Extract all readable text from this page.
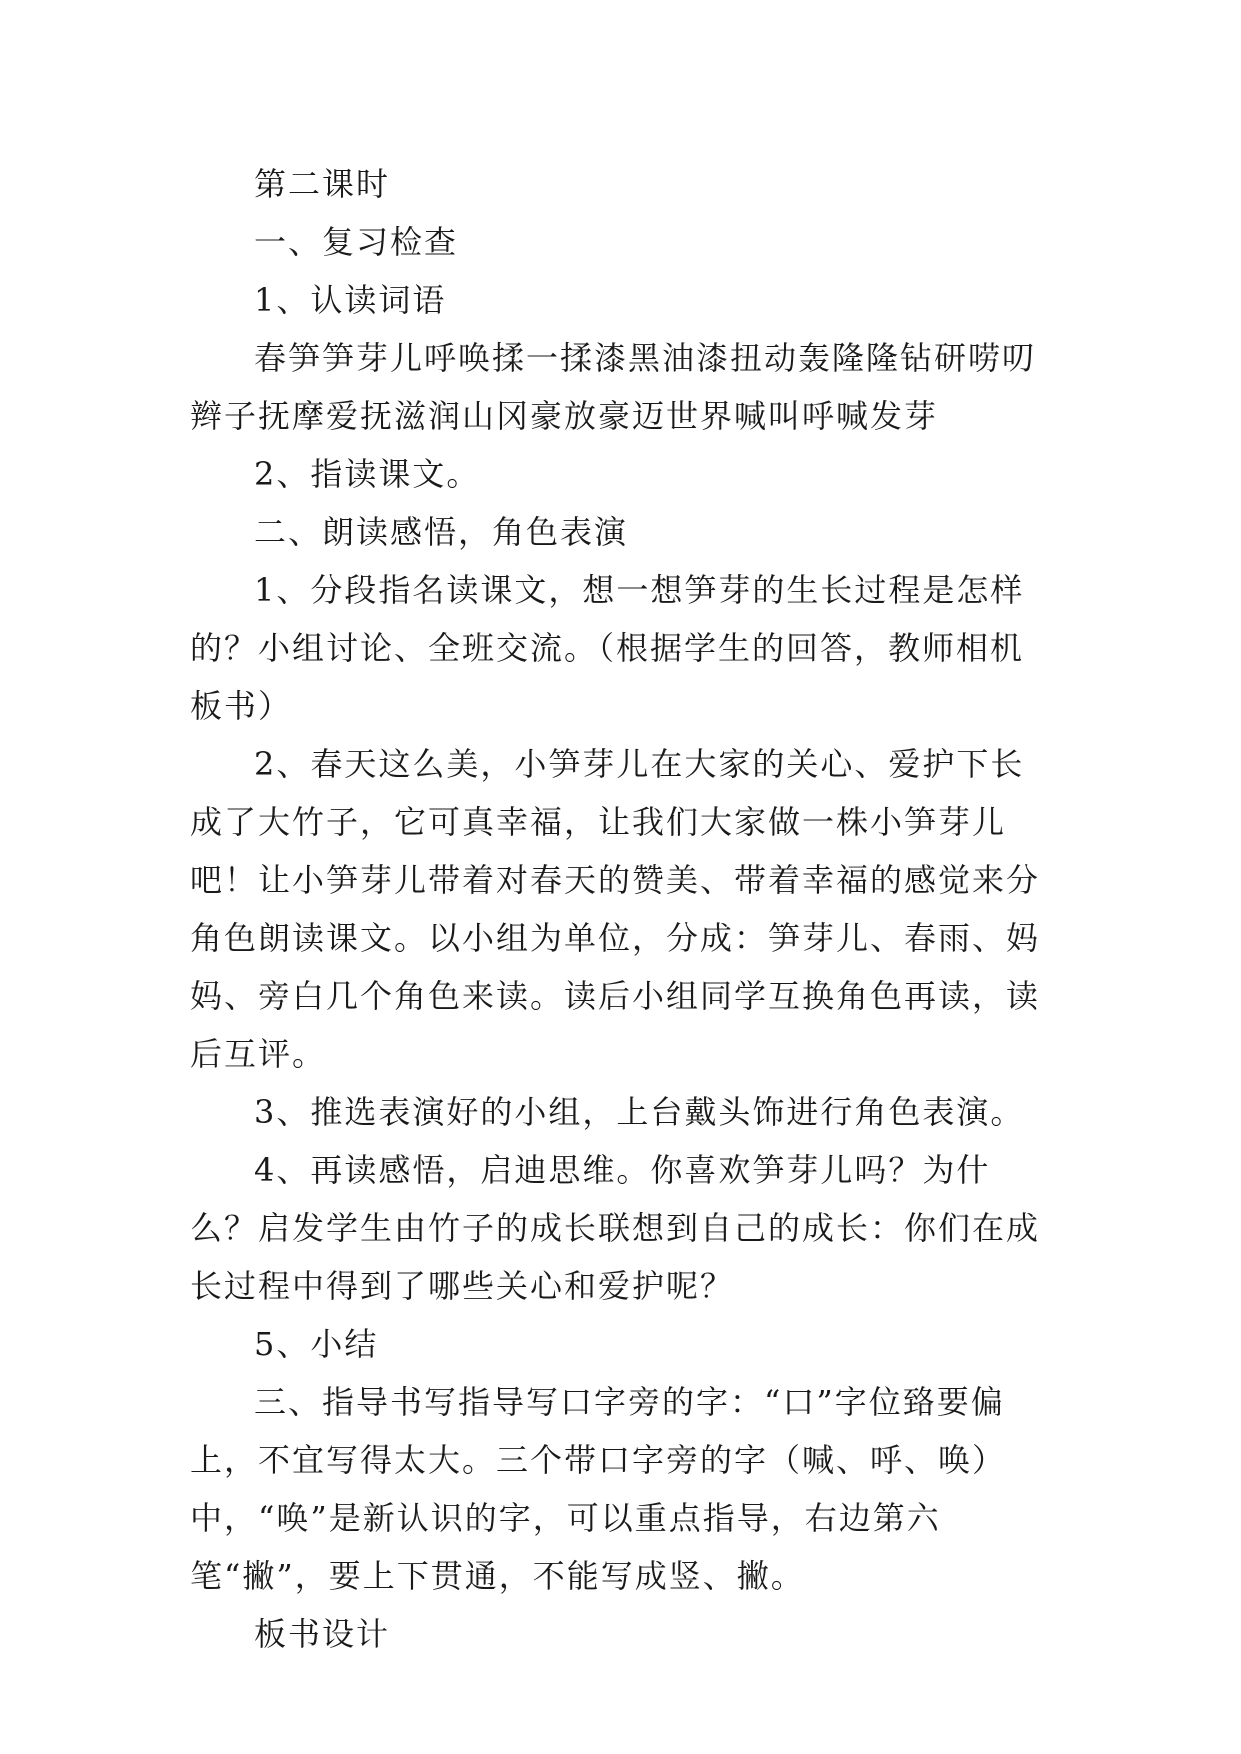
第二课时

一、复习检查

1、认读词语

春笋笋芽儿呼唤揉一揉漆黑油漆扭动轰隆隆钻研唠叨辫子抚摩爱抚滋润山冈豪放豪迈世界喊叫呼喊发芽

2、指读课文。

二、朗读感悟，角色表演

1、分段指名读课文，想一想笋芽的生长过程是怎样的？小组讨论、全班交流。（根据学生的回答，教师相机板书）

2、春天这么美，小笋芽儿在大家的关心、爱护下长成了大竹子，它可真幸福，让我们大家做一株小笋芽儿吧！让小笋芽儿带着对春天的赞美、带着幸福的感觉来分角色朗读课文。以小组为单位，分成：笋芽儿、春雨、妈妈、旁白几个角色来读。读后小组同学互换角色再读，读后互评。

3、推选表演好的小组，上台戴头饰进行角色表演。

4、再读感悟，启迪思维。你喜欢笋芽儿吗？为什么？启发学生由竹子的成长联想到自己的成长：你们在成长过程中得到了哪些关心和爱护呢？

5、小结

三、指导书写指导写口字旁的字：“口”字位臵要偏上，不宜写得太大。三个带口字旁的字（喊、呼、唤）中，“唤”是新认识的字，可以重点指导，右边第六笔“撇”，要上下贯通，不能写成竖、撇。

板书设计
